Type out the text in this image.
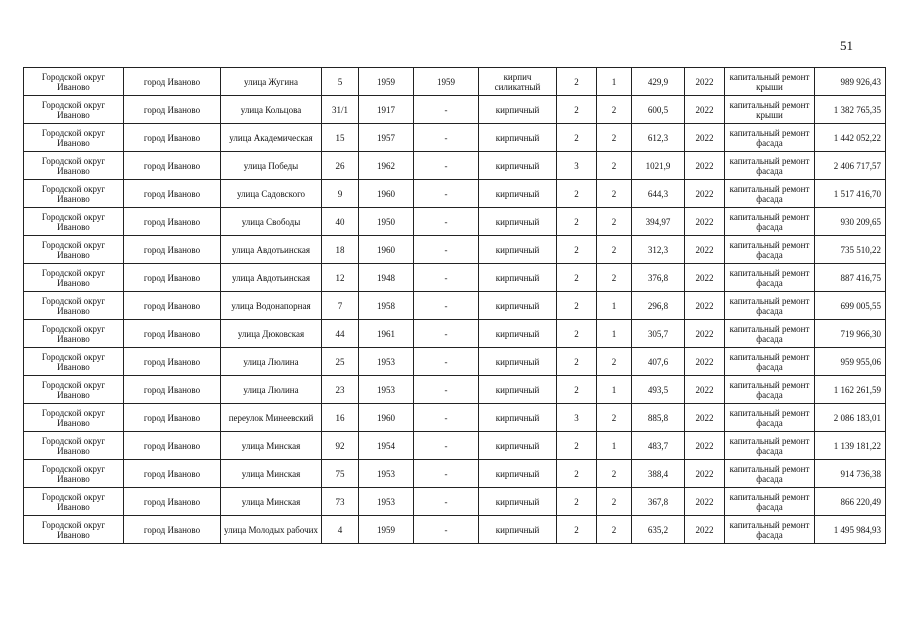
51
Городской округ Иваново	город Иваново	улица Жугина	5	1959	1959	кирпич силикатный	2	1	429,9	2022	капитальный ремонт крыши	989 926,43
Городской округ Иваново	город Иваново	улица Кольцова	31/1	1917	-	кирпичный	2	2	600,5	2022	капитальный ремонт крыши	1 382 765,35
Городской округ Иваново	город Иваново	улица Академическая	15	1957	-	кирпичный	2	2	612,3	2022	капитальный ремонт фасада	1 442 052,22
Городской округ Иваново	город Иваново	улица Победы	26	1962	-	кирпичный	3	2	1021,9	2022	капитальный ремонт фасада	2 406 717,57
Городской округ Иваново	город Иваново	улица Садовского	9	1960	-	кирпичный	2	2	644,3	2022	капитальный ремонт фасада	1 517 416,70
Городской округ Иваново	город Иваново	улица Свободы	40	1950	-	кирпичный	2	2	394,97	2022	капитальный ремонт фасада	930 209,65
Городской округ Иваново	город Иваново	улица Авдотьинская	18	1960	-	кирпичный	2	2	312,3	2022	капитальный ремонт фасада	735 510,22
Городской округ Иваново	город Иваново	улица Авдотьинская	12	1948	-	кирпичный	2	2	376,8	2022	капитальный ремонт фасада	887 416,75
Городской округ Иваново	город Иваново	улица Водонапорная	7	1958	-	кирпичный	2	1	296,8	2022	капитальный ремонт фасада	699 005,55
Городской округ Иваново	город Иваново	улица Дюковская	44	1961	-	кирпичный	2	1	305,7	2022	капитальный ремонт фасада	719 966,30
Городской округ Иваново	город Иваново	улица Люлина	25	1953	-	кирпичный	2	2	407,6	2022	капитальный ремонт фасада	959 955,06
Городской округ Иваново	город Иваново	улица Люлина	23	1953	-	кирпичный	2	1	493,5	2022	капитальный ремонт фасада	1 162 261,59
Городской округ Иваново	город Иваново	переулок Минеевский	16	1960	-	кирпичный	3	2	885,8	2022	капитальный ремонт фасада	2 086 183,01
Городской округ Иваново	город Иваново	улица Минская	92	1954	-	кирпичный	2	1	483,7	2022	капитальный ремонт фасада	1 139 181,22
Городской округ Иваново	город Иваново	улица Минская	75	1953	-	кирпичный	2	2	388,4	2022	капитальный ремонт фасада	914 736,38
Городской округ Иваново	город Иваново	улица Минская	73	1953	-	кирпичный	2	2	367,8	2022	капитальный ремонт фасада	866 220,49
Городской округ Иваново	город Иваново	улица Молодых рабочих	4	1959	-	кирпичный	2	2	635,2	2022	капитальный ремонт фасада	1 495 984,93
